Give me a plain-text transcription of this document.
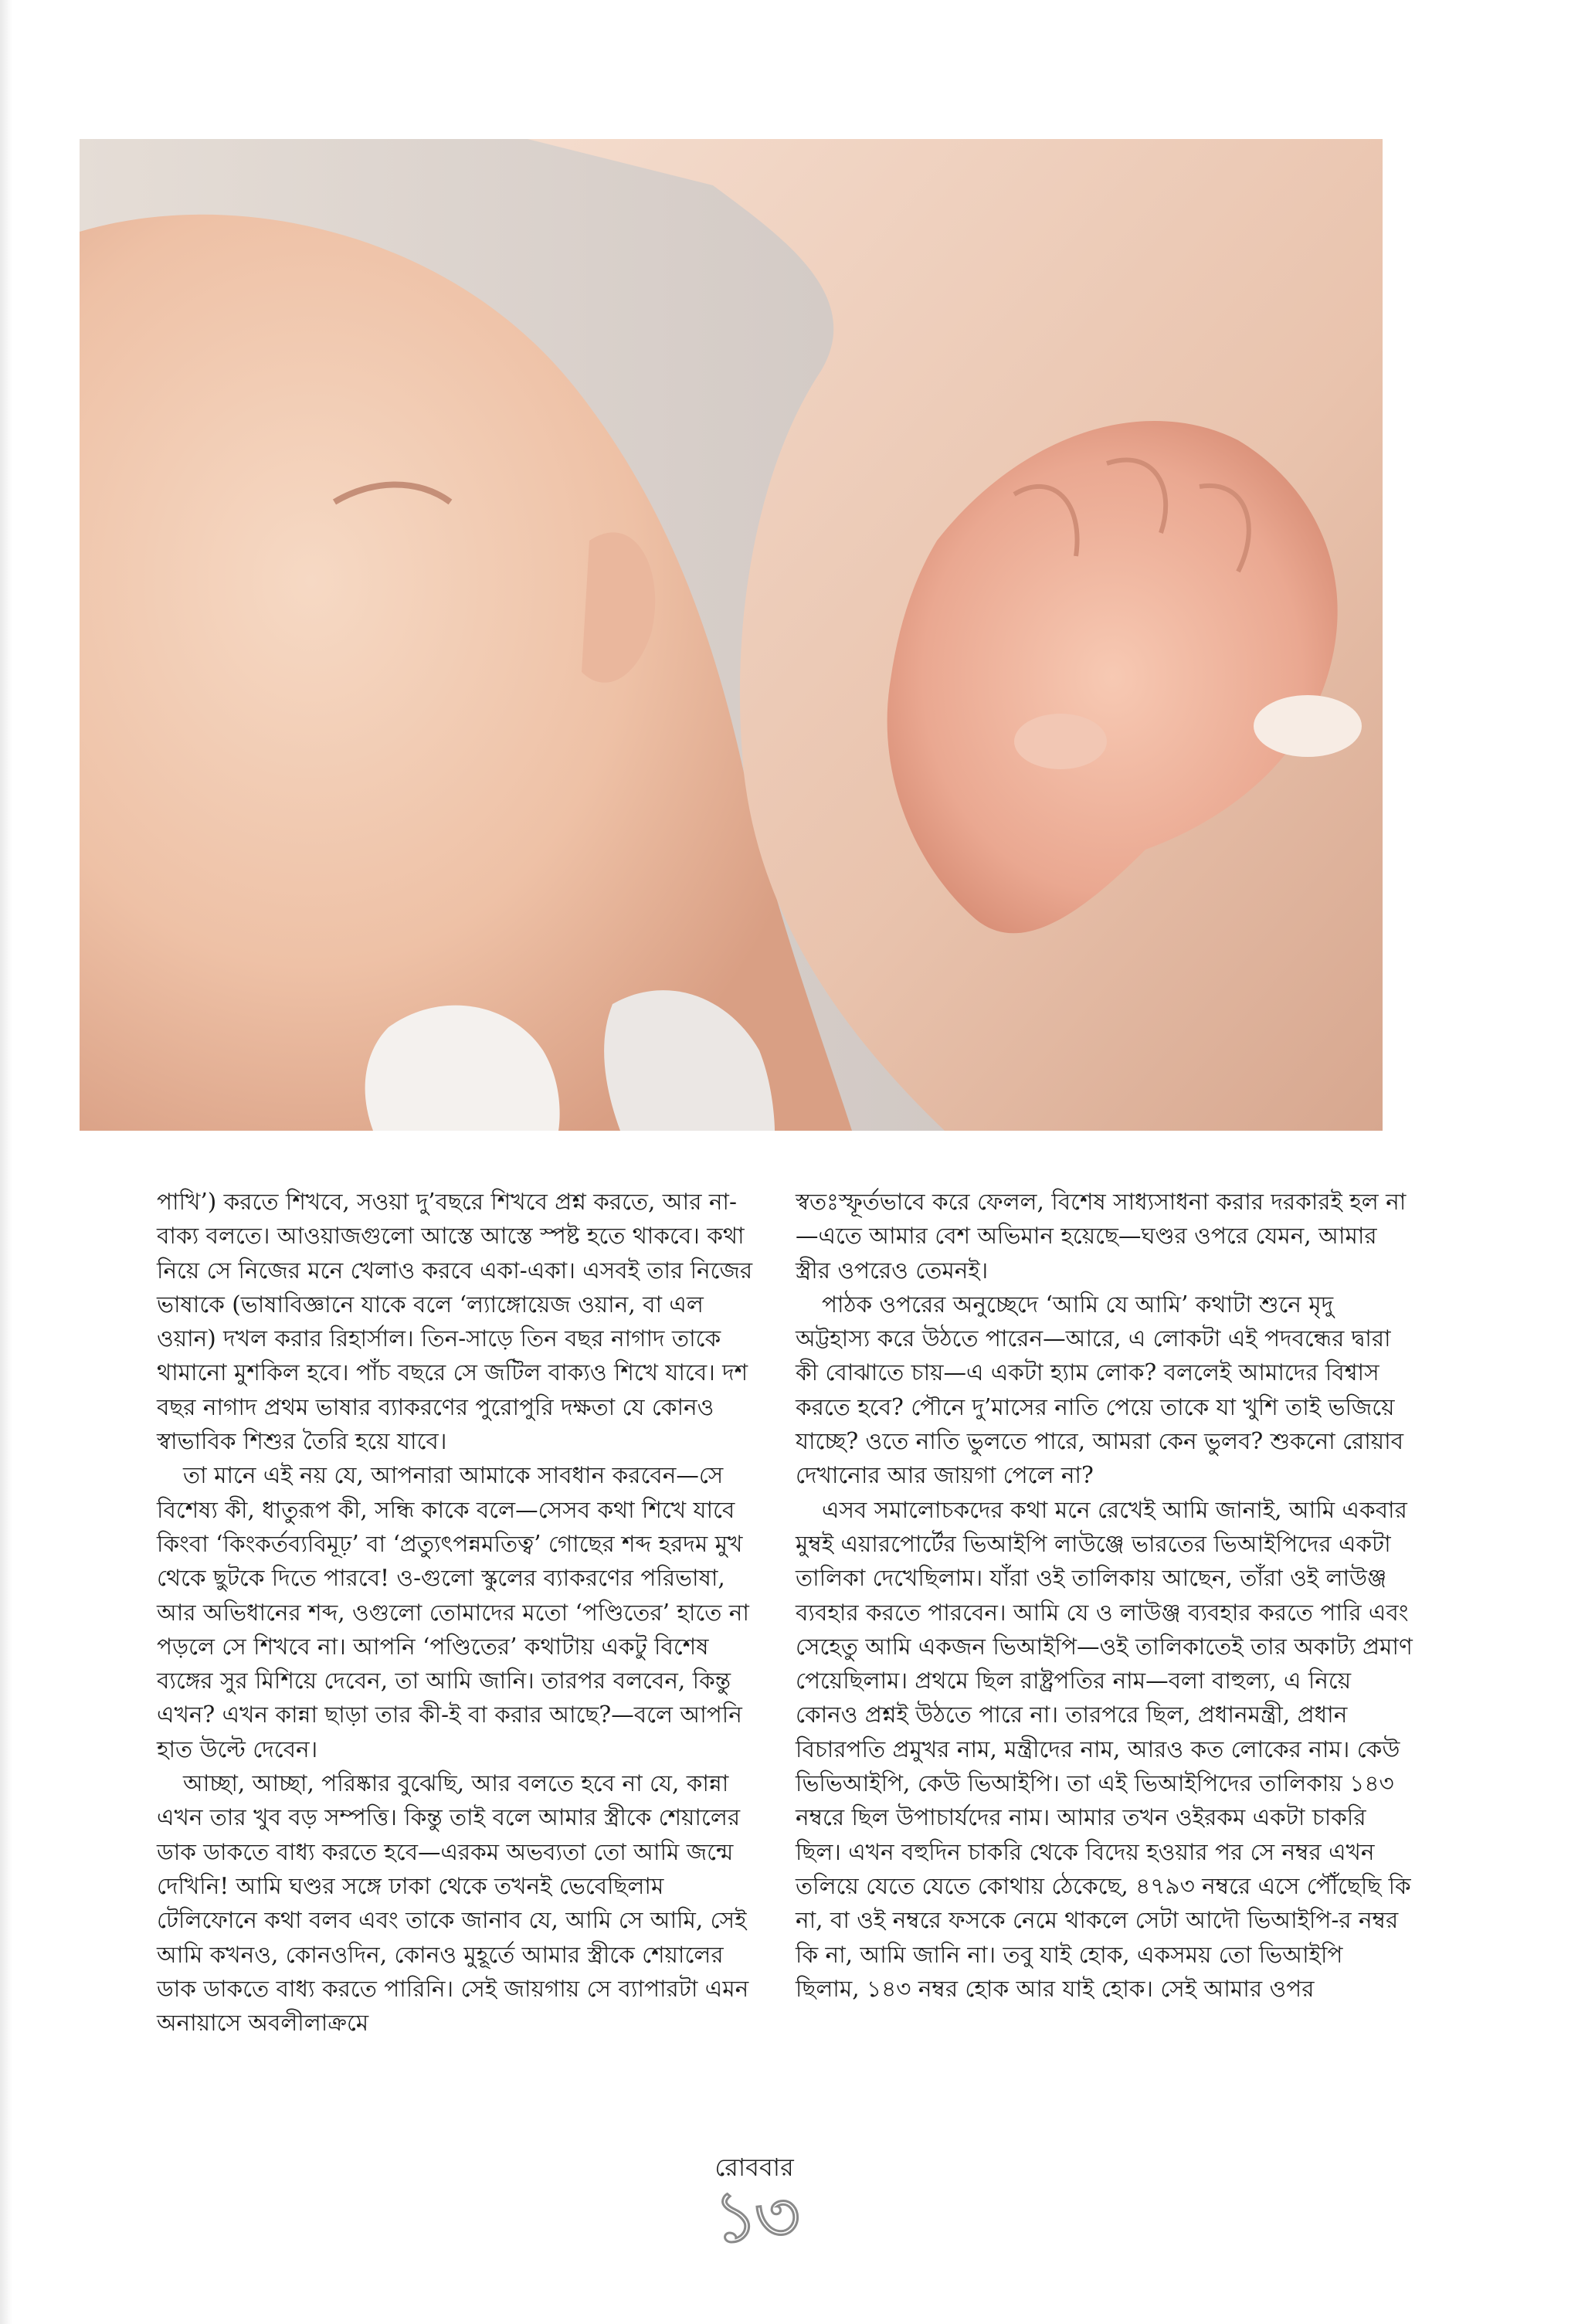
পাখি’) করতে শিখবে, সওয়া দু’বছরে শিখবে প্রশ্ন করতে, আর না-বাক্য বলতে। আওয়াজগুলো আস্তে আস্তে স্পষ্ট হতে থাকবে। কথা নিয়ে সে নিজের মনে খেলাও করবে একা-একা। এসবই তার নিজের ভাষাকে (ভাষাবিজ্ঞানে যাকে বলে ‘ল্যাঙ্গোয়েজ ওয়ান, বা এল ওয়ান) দখল করার রিহার্সাল। তিন-সাড়ে তিন বছর নাগাদ তাকে থামানো মুশকিল হবে। পাঁচ বছরে সে জটিল বাক্যও শিখে যাবে। দশ বছর নাগাদ প্রথম ভাষার ব্যাকরণের পুরোপুরি দক্ষতা যে কোনও স্বাভাবিক শিশুর তৈরি হয়ে যাবে।

তা মানে এই নয় যে, আপনারা আমাকে সাবধান করবেন—সে বিশেষ্য কী, ধাতুরূপ কী, সন্ধি কাকে বলে—সেসব কথা শিখে যাবে কিংবা ‘কিংকর্তব্যবিমূঢ়’ বা ‘প্রত্যুৎপন্নমতিত্ব’ গোছের শব্দ হরদম মুখ থেকে ছুটকে দিতে পারবে! ও-গুলো স্কুলের ব্যাকরণের পরিভাষা, আর অভিধানের শব্দ, ওগুলো তোমাদের মতো ‘পণ্ডিতের’ হাতে না পড়লে সে শিখবে না। আপনি ‘পণ্ডিতের’ কথাটায় একটু বিশেষ ব্যঙ্গের সুর মিশিয়ে দেবেন, তা আমি জানি। তারপর বলবেন, কিন্তু এখন? এখন কান্না ছাড়া তার কী-ই বা করার আছে?—বলে আপনি হাত উল্টে দেবেন।

আচ্ছা, আচ্ছা, পরিষ্কার বুঝেছি, আর বলতে হবে না যে, কান্না এখন তার খুব বড় সম্পত্তি। কিন্তু তাই বলে আমার স্ত্রীকে শেয়ালের ডাক ডাকতে বাধ্য করতে হবে—এরকম অভব্যতা তো আমি জন্মে দেখিনি! আমি ঘণ্ডর সঙ্গে ঢাকা থেকে তখনই ভেবেছিলাম টেলিফোনে কথা বলব এবং তাকে জানাব যে, আমি সে আমি, সেই আমি কখনও, কোনওদিন, কোনও মুহূর্তে আমার স্ত্রীকে শেয়ালের ডাক ডাকতে বাধ্য করতে পারিনি। সেই জায়গায় সে ব্যাপারটা এমন অনায়াসে অবলীলাক্রমে

স্বতঃস্ফূর্তভাবে করে ফেলল, বিশেষ সাধ্যসাধনা করার দরকারই হল না—এতে আমার বেশ অভিমান হয়েছে—ঘণ্ডর ওপরে যেমন, আমার স্ত্রীর ওপরেও তেমনই।

পাঠক ওপরের অনুচ্ছেদে ‘আমি যে আমি’ কথাটা শুনে মৃদু অট্টহাস্য করে উঠতে পারেন—আরে, এ লোকটা এই পদবন্ধের দ্বারা কী বোঝাতে চায়—এ একটা হ্যাম লোক? বললেই আমাদের বিশ্বাস করতে হবে? পৌনে দু’মাসের নাতি পেয়ে তাকে যা খুশি তাই ভজিয়ে যাচ্ছে? ওতে নাতি ভুলতে পারে, আমরা কেন ভুলব? শুকনো রোয়াব দেখানোর আর জায়গা পেলে না?

এসব সমালোচকদের কথা মনে রেখেই আমি জানাই, আমি একবার মুম্বই এয়ারপোর্টের ভিআইপি লাউঞ্জে ভারতের ভিআইপিদের একটা তালিকা দেখেছিলাম। যাঁরা ওই তালিকায় আছেন, তাঁরা ওই লাউঞ্জ ব্যবহার করতে পারবেন। আমি যে ও লাউঞ্জ ব্যবহার করতে পারি এবং সেহেতু আমি একজন ভিআইপি—ওই তালিকাতেই তার অকাট্য প্রমাণ পেয়েছিলাম। প্রথমে ছিল রাষ্ট্রপতির নাম—বলা বাহুল্য, এ নিয়ে কোনও প্রশ্নই উঠতে পারে না। তারপরে ছিল, প্রধানমন্ত্রী, প্রধান বিচারপতি প্রমুখর নাম, মন্ত্রীদের নাম, আরও কত লোকের নাম। কেউ ভিভিআইপি, কেউ ভিআইপি। তা এই ভিআইপিদের তালিকায় ১৪৩ নম্বরে ছিল উপাচার্যদের নাম। আমার তখন ওইরকম একটা চাকরি ছিল। এখন বহুদিন চাকরি থেকে বিদেয় হওয়ার পর সে নম্বর এখন তলিয়ে যেতে যেতে কোথায় ঠেকেছে, ৪৭৯৩ নম্বরে এসে পৌঁছেছি কি না, বা ওই নম্বরে ফসকে নেমে থাকলে সেটা আদৌ ভিআইপি-র নম্বর কি না, আমি জানি না। তবু যাই হোক, একসময় তো ভিআইপি ছিলাম, ১৪৩ নম্বর হোক আর যাই হোক। সেই আমার ওপর

রোববার
১৩
